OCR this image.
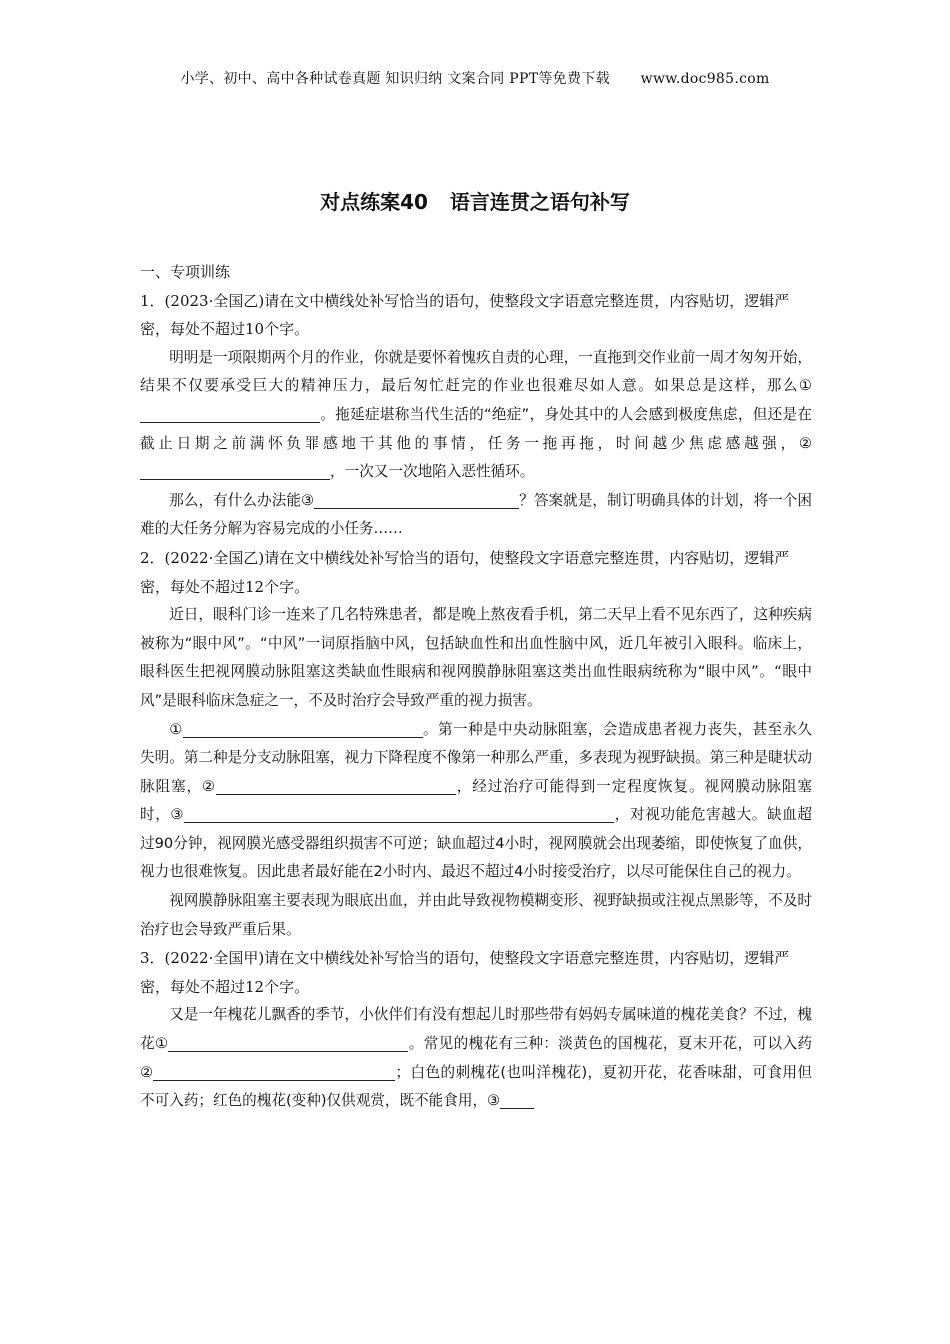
小学、初中、高中各种试卷真题 知识归纳 文案合同 PPT等免费下载 www.doc985.com
对点练案40 语言连贯之语句补写

一、专项训练

1．(2023·全国乙)请在文中横线处补写恰当的语句，使整段文字语意完整连贯，内容贴切，逻辑严密，每处不超过10个字。

明明是一项限期两个月的作业，你就是要怀着愧疚自责的心理，一直拖到交作业前一周才匆匆开始，结果不仅要承受巨大的精神压力，最后匆忙赶完的作业也很难尽如人意。如果总是这样，那么①。拖延症堪称当代生活的“绝症”，身处其中的人会感到极度焦虑，但还是在截止日期之前满怀负罪感地干其他的事情，任务一拖再拖，时间越少焦虑感越强，②，一次又一次地陷入恶性循环。

那么，有什么办法能③	？答案就是，制订明确具体的计划，将一个困难的大任务分解为容易完成的小任务……

2．(2022·全国乙)请在文中横线处补写恰当的语句，使整段文字语意完整连贯，内容贴切，逻辑严密，每处不超过12个字。

近日，眼科门诊一连来了几名特殊患者，都是晚上熬夜看手机，第二天早上看不见东西了，这种疾病被称为“眼中风”。“中风”一词原指脑中风，包括缺血性和出血性脑中风，近几年被引入眼科。临床上，眼科医生把视网膜动脉阻塞这类缺血性眼病和视网膜静脉阻塞这类出血性眼病统称为“眼中风”。“眼中风”是眼科临床急症之一，不及时治疗会导致严重的视力损害。

①	。第一种是中央动脉阻塞，会造成患者视力丧失，甚至永久失明。第二种是分支动脉阻塞，视力下降程度不像第一种那么严重，多表现为视野缺损。第三种是睫状动脉阻塞，②	，经过治疗可能得到一定程度恢复。视网膜动脉阻塞时，③	，对视功能危害越大。缺血超过90分钟，视网膜光感受器组织损害不可逆；缺血超过4小时，视网膜就会出现萎缩，即使恢复了血供，视力也很难恢复。因此患者最好能在2小时内、最迟不超过4小时接受治疗，以尽可能保住自己的视力。

视网膜静脉阻塞主要表现为眼底出血，并由此导致视物模糊变形、视野缺损或注视点黑影等，不及时治疗也会导致严重后果。

3．(2022·全国甲)请在文中横线处补写恰当的语句，使整段文字语意完整连贯，内容贴切，逻辑严密，每处不超过12个字。

又是一年槐花儿飘香的季节，小伙伴们有没有想起儿时那些带有妈妈专属味道的槐花美食？不过，槐花①	。常见的槐花有三种：淡黄色的国槐花，夏末开花，可以入药②	；白色的刺槐花(也叫洋槐花)，夏初开花，花香味甜，可食用但不可入药；红色的槐花(变种)仅供观赏，既不能食用，③
